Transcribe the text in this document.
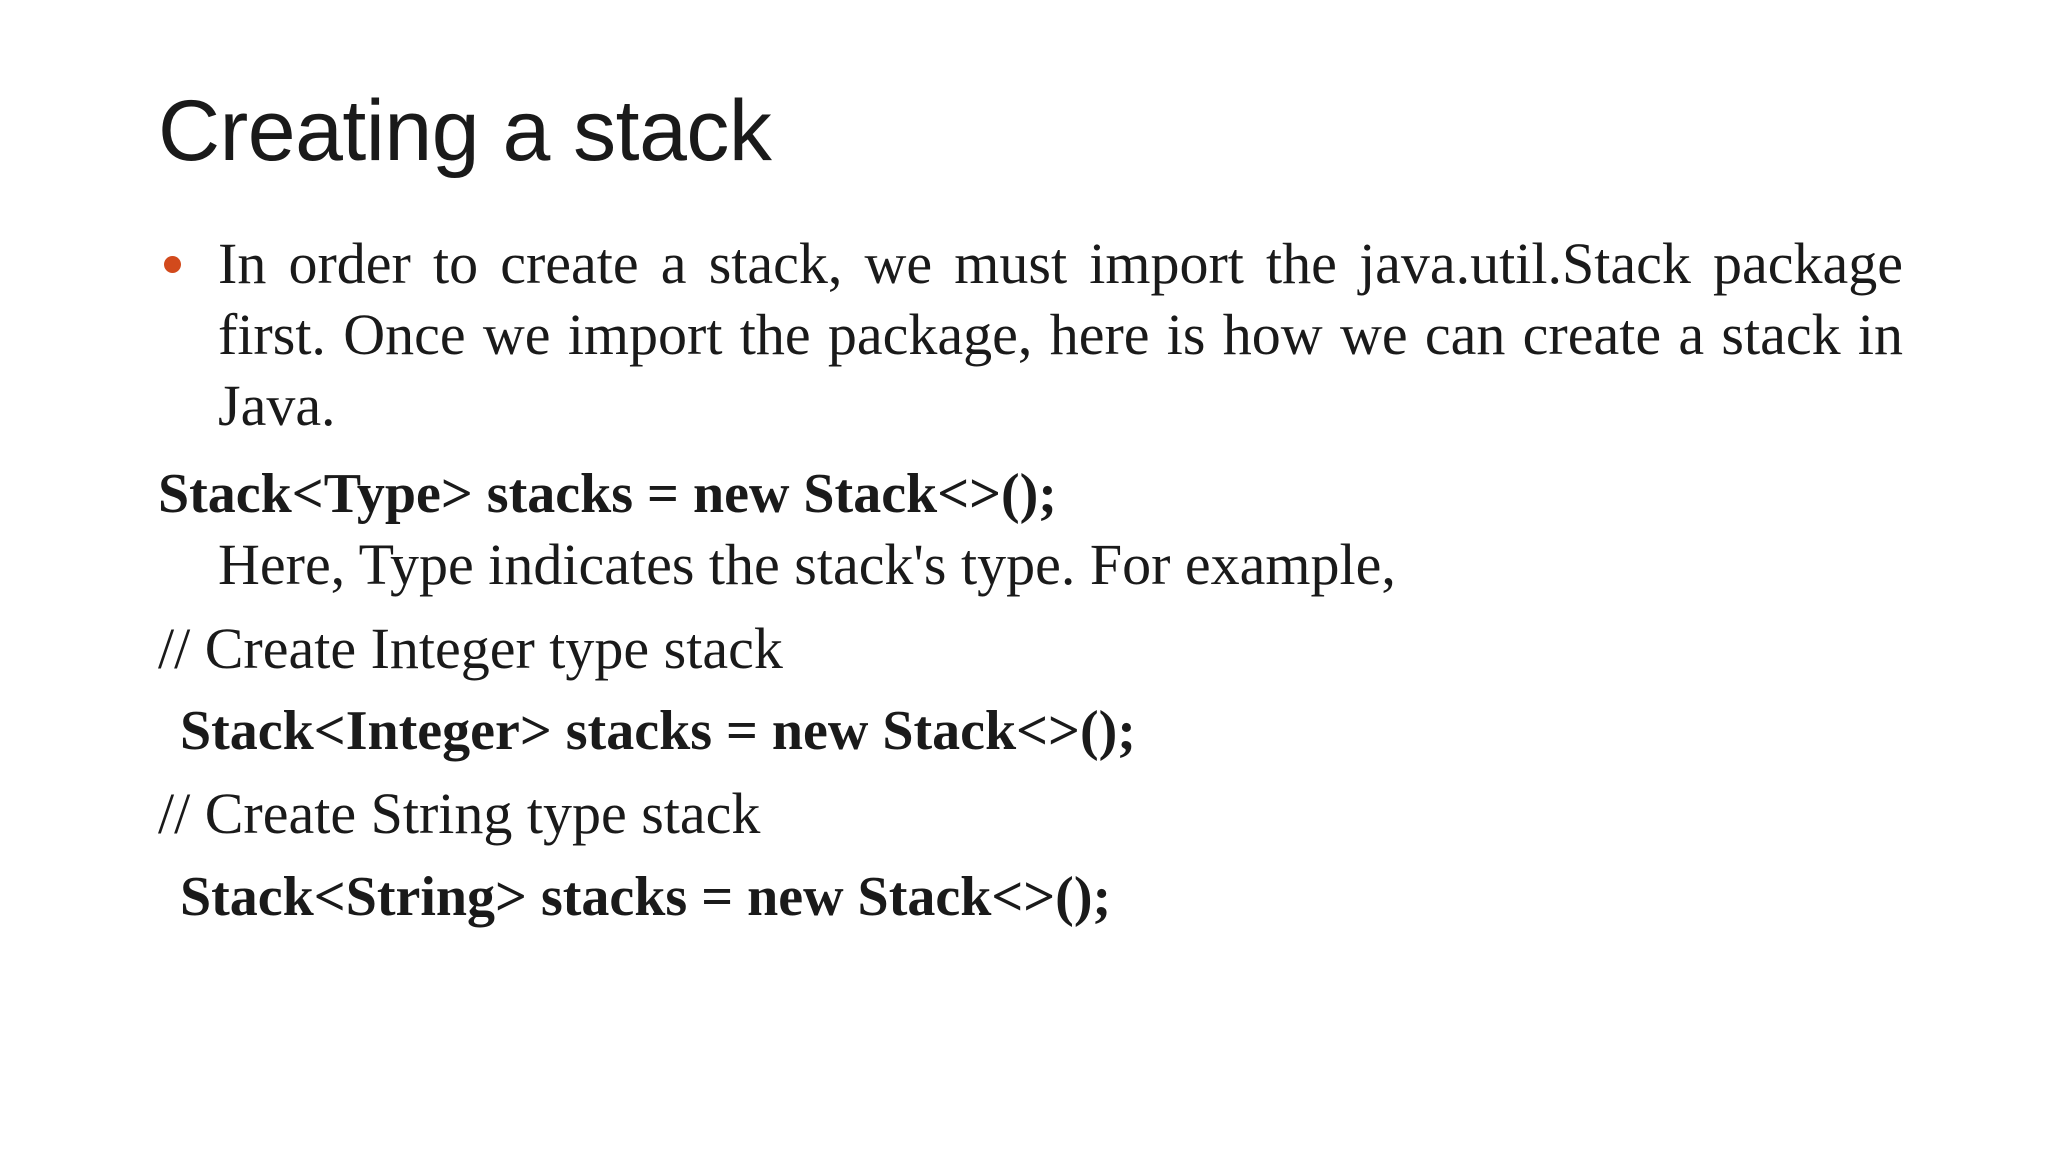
Creating a stack
In order to create a stack, we must import the java.util.Stack package first. Once we import the package, here is how we can create a stack in Java.
Stack<Type> stacks = new Stack<>();
Here, Type indicates the stack's type. For example,
// Create Integer type stack
Stack<Integer> stacks = new Stack<>();
// Create String type stack
Stack<String> stacks = new Stack<>();
